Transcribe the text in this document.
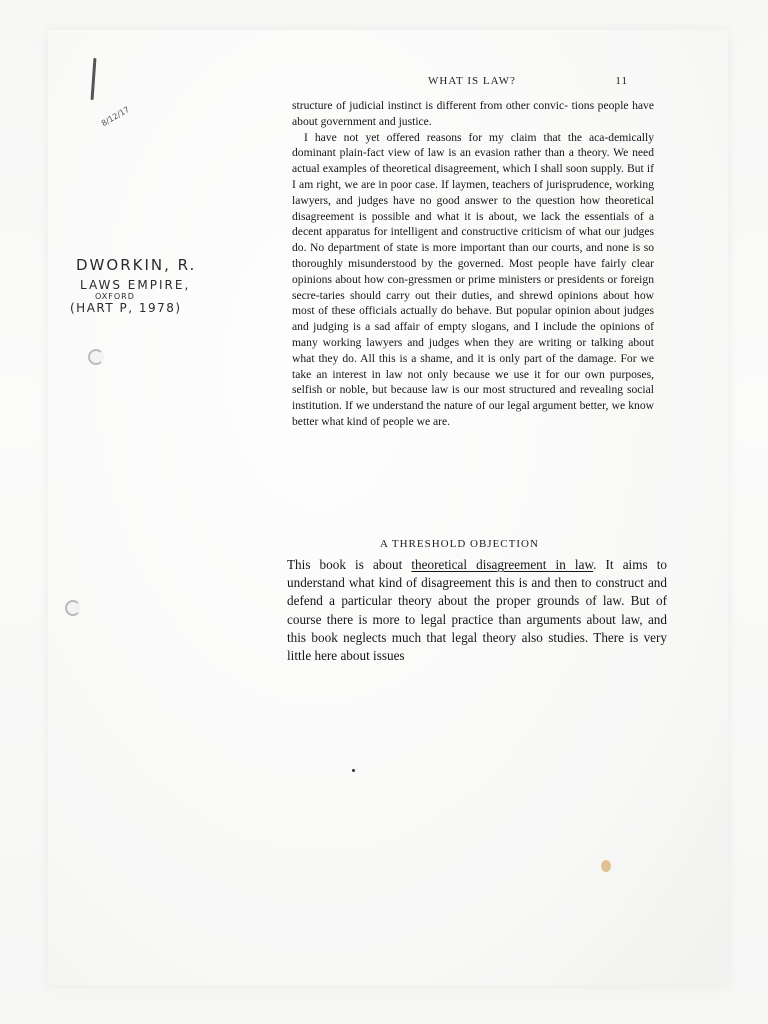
8/12/17
WHAT IS LAW?	11

structure of judicial instinct is different from other convic- tions people have about government and justice.

I have not yet offered reasons for my claim that the aca-demically dominant plain-fact view of law is an evasion rather than a theory. We need actual examples of theoretical disagreement, which I shall soon supply. But if I am right, we are in poor case. If laymen, teachers of jurisprudence, working lawyers, and judges have no good answer to the question how theoretical disagreement is possible and what it is about, we lack the essentials of a decent apparatus for intelligent and constructive criticism of what our judges do. No department of state is more important than our courts, and none is so thoroughly misunderstood by the governed. Most people have fairly clear opinions about how con-gressmen or prime ministers or presidents or foreign secre-taries should carry out their duties, and shrewd opinions about how most of these officials actually do behave. But popular opinion about judges and judging is a sad affair of empty slogans, and I include the opinions of many working lawyers and judges when they are writing or talking about what they do. All this is a shame, and it is only part of the damage. For we take an interest in law not only because we use it for our own purposes, selfish or noble, but because law is our most structured and revealing social institution. If we understand the nature of our legal argument better, we know better what kind of people we are.

A THRESHOLD OBJECTION

This book is about theoretical disagreement in law. It aims to understand what kind of disagreement this is and then to construct and defend a particular theory about the proper grounds of law. But of course there is more to legal practice than arguments about law, and this book neglects much that legal theory also studies. There is very little here about issues

DWORKIN, R.
LAWS EMPIRE,
OXFORD
(HART P, 1978)
